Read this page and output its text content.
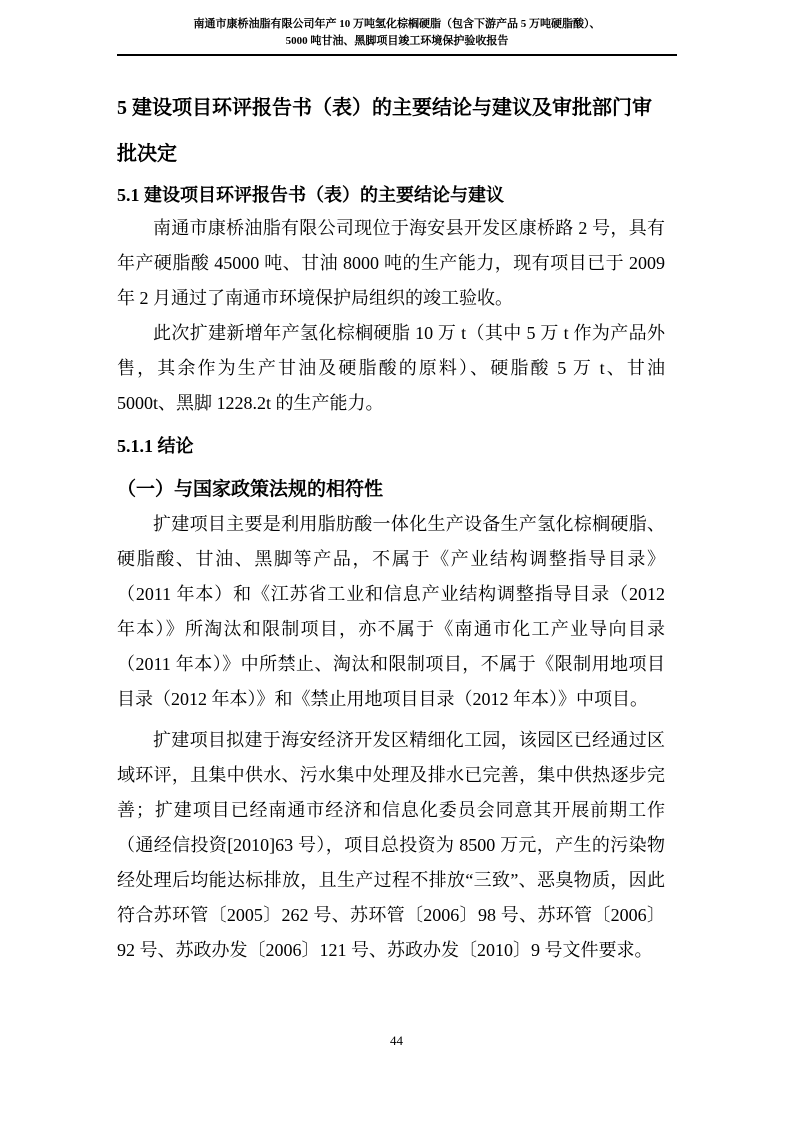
南通市康桥油脂有限公司年产 10 万吨氢化棕榈硬脂（包含下游产品 5 万吨硬脂酸）、
5000 吨甘油、黑脚项目竣工环境保护验收报告
5 建设项目环评报告书（表）的主要结论与建议及审批部门审批决定
5.1 建设项目环评报告书（表）的主要结论与建议

南通市康桥油脂有限公司现位于海安县开发区康桥路 2 号，具有年产硬脂酸 45000 吨、甘油 8000 吨的生产能力，现有项目已于 2009 年 2 月通过了南通市环境保护局组织的竣工验收。

此次扩建新增年产氢化棕榈硬脂 10 万 t（其中 5 万 t 作为产品外售，其余作为生产甘油及硬脂酸的原料）、硬脂酸 5 万 t、甘油 5000t、黑脚 1228.2t 的生产能力。

5.1.1 结论
（一）与国家政策法规的相符性

扩建项目主要是利用脂肪酸一体化生产设备生产氢化棕榈硬脂、硬脂酸、甘油、黑脚等产品，不属于《产业结构调整指导目录》（2011 年本）和《江苏省工业和信息产业结构调整指导目录（2012 年本）》所淘汰和限制项目，亦不属于《南通市化工产业导向目录（2011 年本）》中所禁止、淘汰和限制项目，不属于《限制用地项目目录（2012 年本）》和《禁止用地项目目录（2012 年本）》中项目。

扩建项目拟建于海安经济开发区精细化工园，该园区已经通过区域环评，且集中供水、污水集中处理及排水已完善，集中供热逐步完善；扩建项目已经南通市经济和信息化委员会同意其开展前期工作（通经信投资[2010]63 号），项目总投资为 8500 万元，产生的污染物经处理后均能达标排放，且生产过程不排放“三致”、恶臭物质，因此符合苏环管〔2005〕262 号、苏环管〔2006〕98 号、苏环管〔2006〕92 号、苏政办发〔2006〕121 号、苏政办发〔2010〕9 号文件要求。

44
